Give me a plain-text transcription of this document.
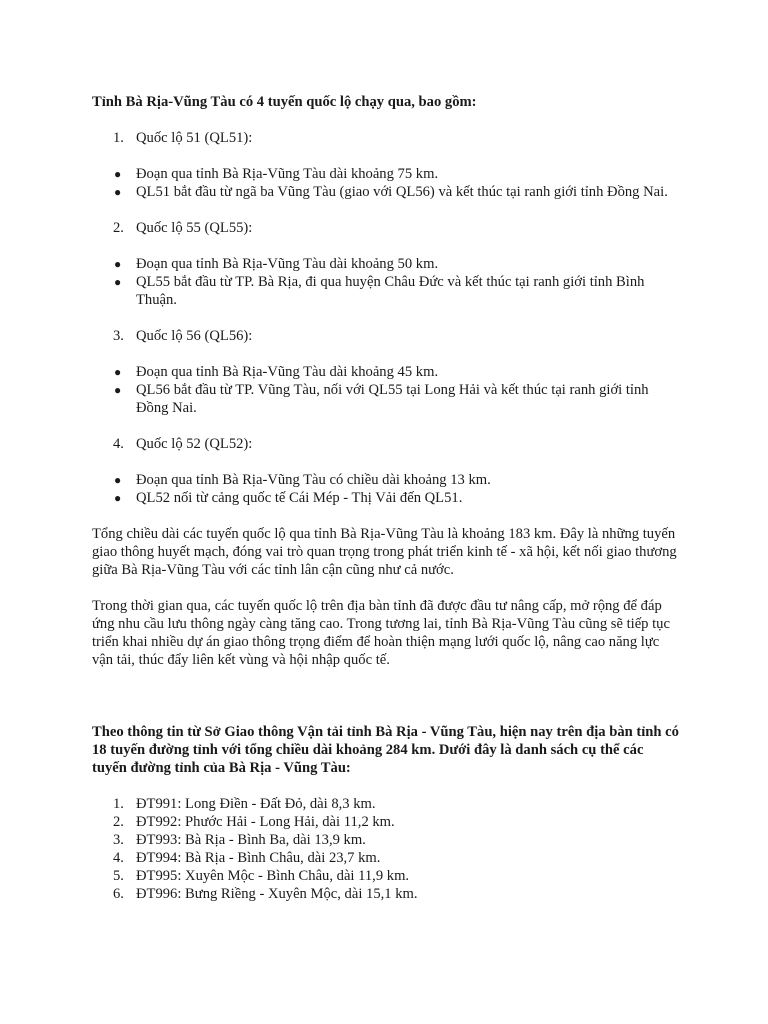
Tỉnh Bà Rịa-Vũng Tàu có 4 tuyến quốc lộ chạy qua, bao gồm:

1. Quốc lộ 51 (QL51):

● Đoạn qua tỉnh Bà Rịa-Vũng Tàu dài khoảng 75 km.
● QL51 bắt đầu từ ngã ba Vũng Tàu (giao với QL56) và kết thúc tại ranh giới tỉnh Đồng Nai.

2. Quốc lộ 55 (QL55):

● Đoạn qua tỉnh Bà Rịa-Vũng Tàu dài khoảng 50 km.
● QL55 bắt đầu từ TP. Bà Rịa, đi qua huyện Châu Đức và kết thúc tại ranh giới tỉnh Bình Thuận.

3. Quốc lộ 56 (QL56):

● Đoạn qua tỉnh Bà Rịa-Vũng Tàu dài khoảng 45 km.
● QL56 bắt đầu từ TP. Vũng Tàu, nối với QL55 tại Long Hải và kết thúc tại ranh giới tỉnh Đồng Nai.

4. Quốc lộ 52 (QL52):

● Đoạn qua tỉnh Bà Rịa-Vũng Tàu có chiều dài khoảng 13 km.
● QL52 nối từ cảng quốc tế Cái Mép - Thị Vải đến QL51.

Tổng chiều dài các tuyến quốc lộ qua tỉnh Bà Rịa-Vũng Tàu là khoảng 183 km. Đây là những tuyến giao thông huyết mạch, đóng vai trò quan trọng trong phát triển kinh tế - xã hội, kết nối giao thương giữa Bà Rịa-Vũng Tàu với các tỉnh lân cận cũng như cả nước.

Trong thời gian qua, các tuyến quốc lộ trên địa bàn tỉnh đã được đầu tư nâng cấp, mở rộng để đáp ứng nhu cầu lưu thông ngày càng tăng cao. Trong tương lai, tỉnh Bà Rịa-Vũng Tàu cũng sẽ tiếp tục triển khai nhiều dự án giao thông trọng điểm để hoàn thiện mạng lưới quốc lộ, nâng cao năng lực vận tải, thúc đẩy liên kết vùng và hội nhập quốc tế.

Theo thông tin từ Sở Giao thông Vận tải tỉnh Bà Rịa - Vũng Tàu, hiện nay trên địa bàn tỉnh có 18 tuyến đường tỉnh với tổng chiều dài khoảng 284 km. Dưới đây là danh sách cụ thể các tuyến đường tỉnh của Bà Rịa - Vũng Tàu:

1. ĐT991: Long Điền - Đất Đỏ, dài 8,3 km.
2. ĐT992: Phước Hải - Long Hải, dài 11,2 km.
3. ĐT993: Bà Rịa - Bình Ba, dài 13,9 km.
4. ĐT994: Bà Rịa - Bình Châu, dài 23,7 km.
5. ĐT995: Xuyên Mộc - Bình Châu, dài 11,9 km.
6. ĐT996: Bưng Riềng - Xuyên Mộc, dài 15,1 km.
